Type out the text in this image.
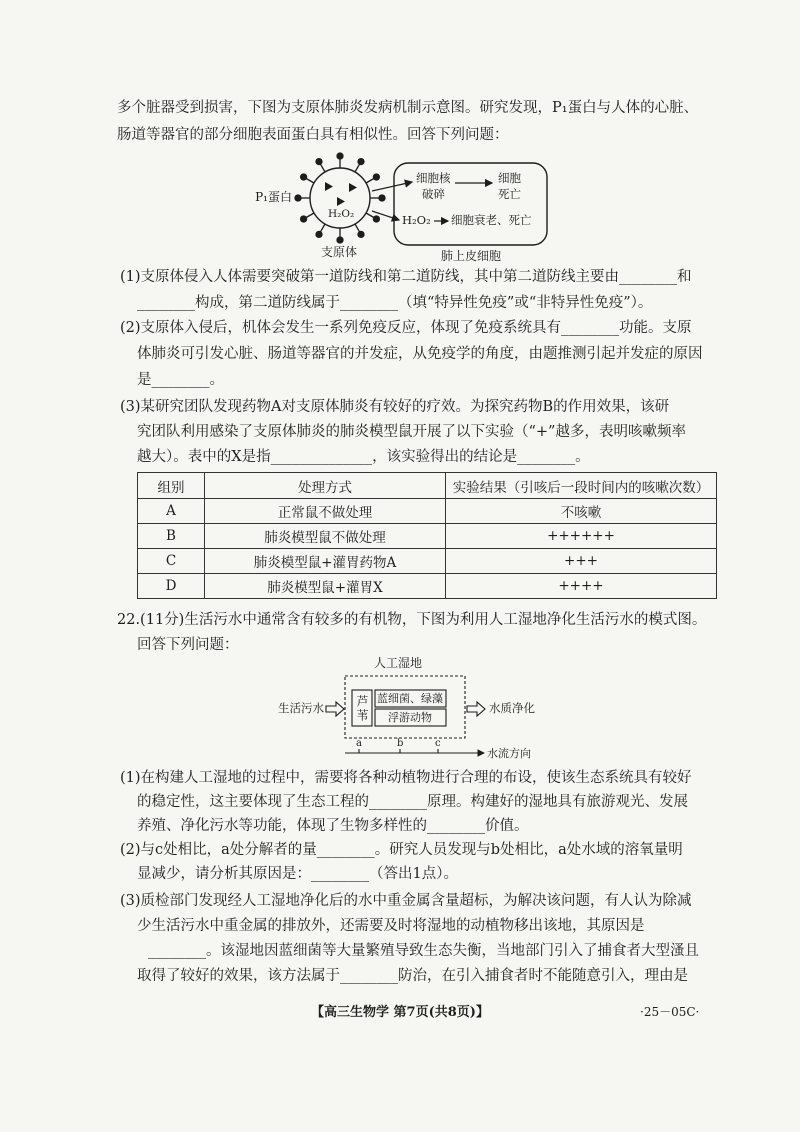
多个脏器受到损害，下图为支原体肺炎发病机制示意图。研究发现，P₁蛋白与人体的心脏、
肠道等器官的部分细胞表面蛋白具有相似性。回答下列问题：
P₁蛋白
H₂O₂
细胞核
破碎
细胞
死亡
H₂O₂ 细胞衰老、死亡
支原体	肺上皮细胞
(1)支原体侵入人体需要突破第一道防线和第二道防线，其中第二道防线主要由________和
________构成，第二道防线属于________（填“特异性免疫”或“非特异性免疫”）。
(2)支原体入侵后，机体会发生一系列免疫反应，体现了免疫系统具有________功能。支原
体肺炎可引发心脏、肠道等器官的并发症，从免疫学的角度，由题推测引起并发症的原因
是________。
(3)某研究团队发现药物A对支原体肺炎有较好的疗效。为探究药物B的作用效果，该研
究团队利用感染了支原体肺炎的肺炎模型鼠开展了以下实验（“+”越多，表明咳嗽频率
越大）。表中的X是指______________，该实验得出的结论是________。
组别	处理方式	实验结果（引咳后一段时间内的咳嗽次数）
A	正常鼠不做处理	不咳嗽
B	肺炎模型鼠不做处理	++++++
C	肺炎模型鼠+灌胃药物A	+++
D	肺炎模型鼠+灌胃X	++++
22.(11分)生活污水中通常含有较多的有机物，下图为利用人工湿地净化生活污水的模式图。
回答下列问题：
人工湿地
生活污水	芦苇 蓝细菌、绿藻
浮游动物
水质净化
a	b	c
水流方向
(1)在构建人工湿地的过程中，需要将各种动植物进行合理的布设，使该生态系统具有较好
的稳定性，这主要体现了生态工程的________原理。构建好的湿地具有旅游观光、发展
养殖、净化污水等功能，体现了生物多样性的________价值。
(2)与c处相比，a处分解者的量________。研究人员发现与b处相比，a处水域的溶氧量明
显减少，请分析其原因是：________（答出1点）。
(3)质检部门发现经人工湿地净化后的水中重金属含量超标，为解决该问题，有人认为除减
少生活污水中重金属的排放外，还需要及时将湿地的动植物移出该地，其原因是
________。该湿地因蓝细菌等大量繁殖导致生态失衡，当地部门引入了捕食者大型溞且
取得了较好的效果，该方法属于________防治，在引入捕食者时不能随意引入，理由是
【高三生物学 第7页(共8页)】	·25－05C·
